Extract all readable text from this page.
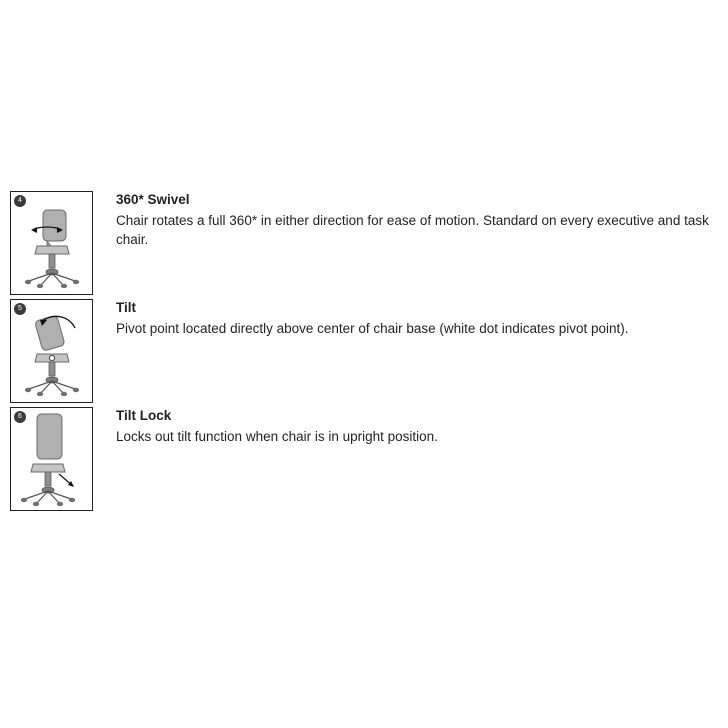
4	360* Swivel

Chair rotates a full 360* in either direction for ease of motion. Standard on every executive and task chair.

5	Tilt

Pivot point located directly above center of chair base (white dot indicates pivot point).

6	Tilt Lock

Locks out tilt function when chair is in upright position.
